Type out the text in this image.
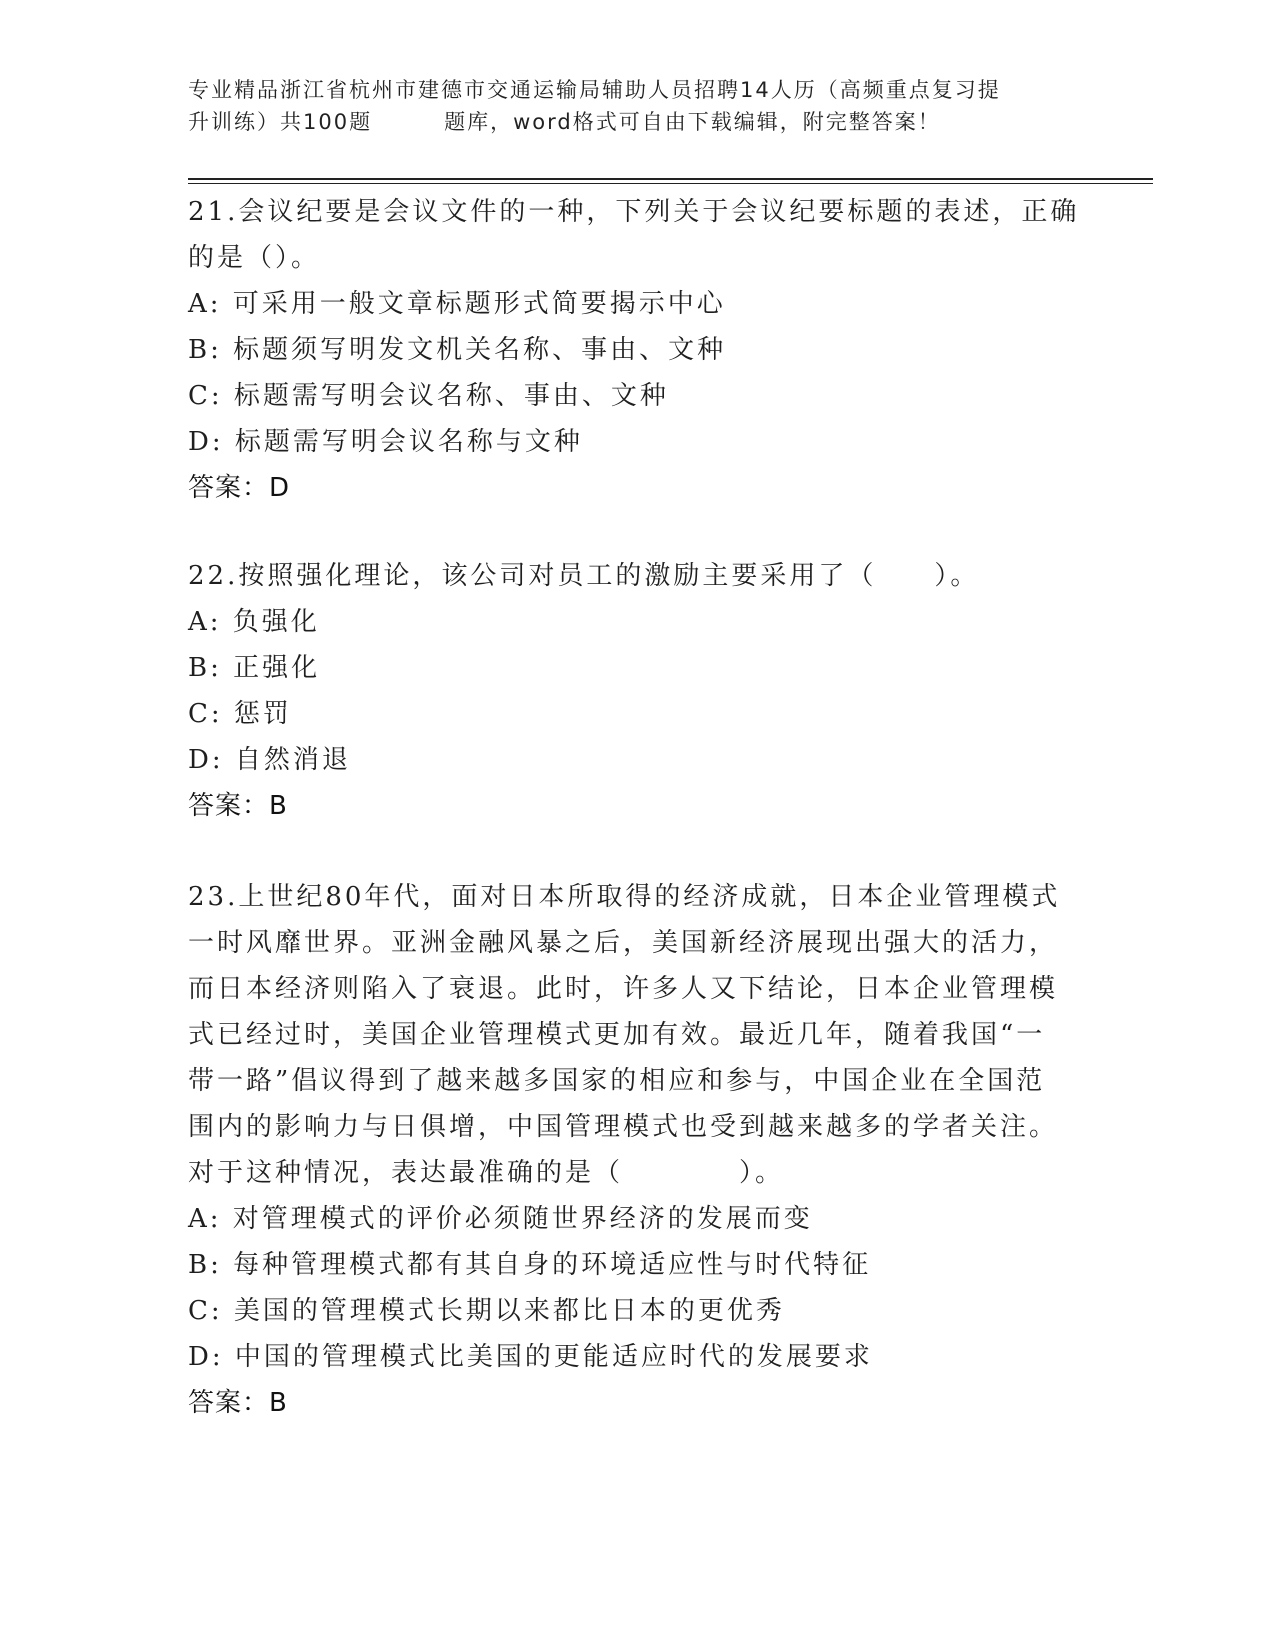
专业精品浙江省杭州市建德市交通运输局辅助人员招聘14人历（高频重点复习提
升训练）共100题	题库，word格式可自由下载编辑，附完整答案！
21.会议纪要是会议文件的一种，下列关于会议纪要标题的表述，正确
的是（）。
A: 可采用一般文章标题形式简要揭示中心
B: 标题须写明发文机关名称、事由、文种
C: 标题需写明会议名称、事由、文种
D: 标题需写明会议名称与文种
答案：D
22.按照强化理论，该公司对员工的激励主要采用了（　　）。
A: 负强化
B: 正强化
C: 惩罚
D: 自然消退
答案：B
23.上世纪80年代，面对日本所取得的经济成就，日本企业管理模式
一时风靡世界。亚洲金融风暴之后，美国新经济展现出强大的活力，
而日本经济则陷入了衰退。此时，许多人又下结论，日本企业管理模
式已经过时，美国企业管理模式更加有效。最近几年，随着我国“一
带一路”倡议得到了越来越多国家的相应和参与，中国企业在全国范
围内的影响力与日俱增，中国管理模式也受到越来越多的学者关注。
对于这种情况，表达最准确的是（　　　　）。
A: 对管理模式的评价必须随世界经济的发展而变
B: 每种管理模式都有其自身的环境适应性与时代特征
C: 美国的管理模式长期以来都比日本的更优秀
D: 中国的管理模式比美国的更能适应时代的发展要求
答案：B
